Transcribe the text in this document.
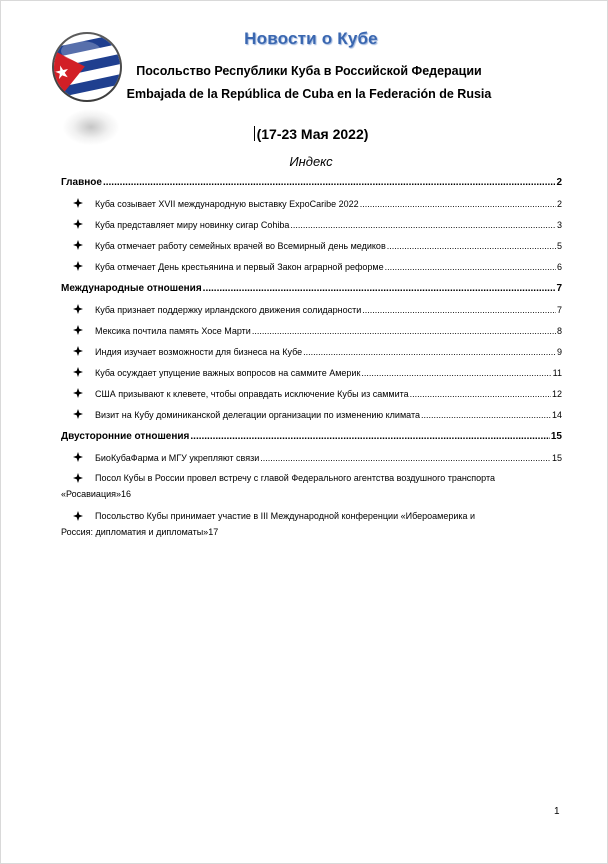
Новости о Кубе
Посольство Республики Куба в Российской Федерации
Embajada de la República de Cuba en la Federación de Rusia
(17-23 Мая 2022)
Индекс
Главное .....	2
Куба созывает XVII международную выставку ExpoCaribe 2022 .....	2
Куба представляет миру новинку сигар Cohiba .....	3
Куба отмечает работу семейных врачей во Всемирный день медиков .....	5
Куба отмечает День крестьянина и первый Закон аграрной реформе .....	6
Международные отношения .....	7
Куба признает поддержку ирландского движения солидарности .....	7
Мексика почтила память Хосе Марти .....	8
Индия изучает возможности для бизнеса на Кубе .....	9
Куба осуждает упущение важных вопросов на саммите Америк .....	11
США призывают к клевете, чтобы оправдать исключение Кубы из саммита .....	12
Визит на Кубу доминиканской делегации организации по изменению климата .....	14
Двусторонние отношения .....	15
БиоКубаФарма и МГУ укрепляют связи .....	15
Посол Кубы в России провел встречу с главой Федерального агентства воздушного транспорта
«Росавиация» 16
Посольство Кубы принимает участие в III Международной конференции «Ибероамерика и
Россия: дипломатия и дипломаты» 17
1
